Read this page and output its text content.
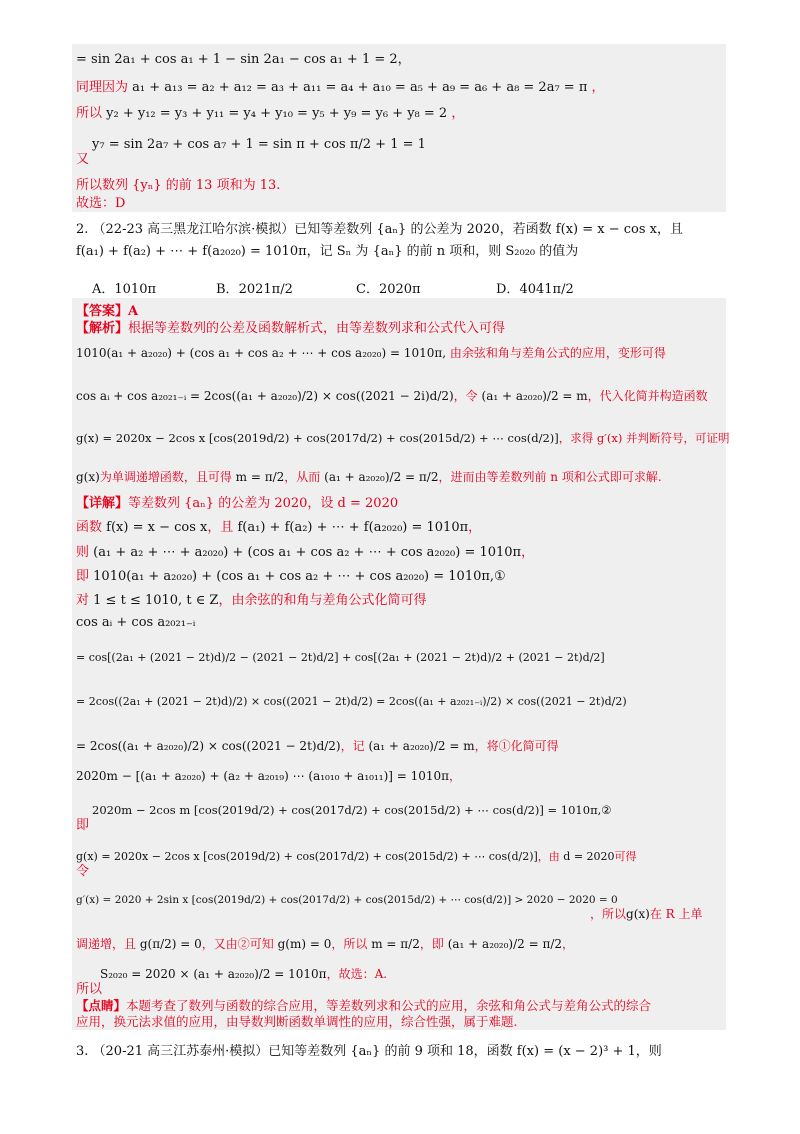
= sin 2a₁ + cos a₁ + 1 − sin 2a₁ − cos a₁ + 1 = 2，
同理因为 a₁ + a₁₃ = a₂ + a₁₂ = a₃ + a₁₁ = a₄ + a₁₀ = a₅ + a₉ = a₆ + a₈ = 2a₇ = π ，
所以 y₂ + y₁₂ = y₃ + y₁₁ = y₄ + y₁₀ = y₅ + y₉ = y₆ + y₈ = 2 ，
y₇ = sin 2a₇ + cos a₇ + 1 = sin π + cos π/2 + 1 = 1
又
所以数列 {yₙ} 的前 13 项和为 13.
故选：D
2. （22-23 高三黑龙江哈尔滨·模拟）已知等差数列 {aₙ} 的公差为 2020，若函数 f(x) = x − cos x，且
f(a₁) + f(a₂) + ⋯ + f(a₂₀₂₀) = 1010π，记 Sₙ 为 {aₙ} 的前 n 项和，则 S₂₀₂₀ 的值为
A．1010π	B．2021π/2	C．2020π	D．4041π/2
【答案】A
【解析】根据等差数列的公差及函数解析式，由等差数列求和公式代入可得
1010(a₁ + a₂₀₂₀) + (cos a₁ + cos a₂ + ⋯ + cos a₂₀₂₀) = 1010π, 由余弦和角与差角公式的应用，变形可得
cos aᵢ + cos a₂₀₂₁₋ᵢ = 2cos((a₁ + a₂₀₂₀)/2) × cos((2021 − 2i)d/2)，令 (a₁ + a₂₀₂₀)/2 = m，代入化简并构造函数
g(x) = 2020x − 2cos x [cos(2019d/2) + cos(2017d/2) + cos(2015d/2) + ⋯ cos(d/2)]，求得 g′(x) 并判断符号，可证明
g(x)为单调递增函数，且可得 m = π/2，从而 (a₁ + a₂₀₂₀)/2 = π/2，进而由等差数列前 n 项和公式即可求解.
【详解】等差数列 {aₙ} 的公差为 2020，设 d = 2020
函数 f(x) = x − cos x，且 f(a₁) + f(a₂) + ⋯ + f(a₂₀₂₀) = 1010π，
则 (a₁ + a₂ + ⋯ + a₂₀₂₀) + (cos a₁ + cos a₂ + ⋯ + cos a₂₀₂₀) = 1010π，
即 1010(a₁ + a₂₀₂₀) + (cos a₁ + cos a₂ + ⋯ + cos a₂₀₂₀) = 1010π,①
对 1 ≤ t ≤ 1010, t ∈ Z，由余弦的和角与差角公式化简可得
cos aᵢ + cos a₂₀₂₁₋ᵢ
= cos[(2a₁ + (2021 − 2t)d)/2 − (2021 − 2t)d/2] + cos[(2a₁ + (2021 − 2t)d)/2 + (2021 − 2t)d/2]
= 2cos((2a₁ + (2021 − 2t)d)/2) × cos((2021 − 2t)d/2) = 2cos((a₁ + a₂₀₂₁₋ᵢ)/2) × cos((2021 − 2t)d/2)
= 2cos((a₁ + a₂₀₂₀)/2) × cos((2021 − 2t)d/2)，记 (a₁ + a₂₀₂₀)/2 = m，将①化简可得
2020m − [(a₁ + a₂₀₂₀) + (a₂ + a₂₀₁₉) ⋯ (a₁₀₁₀ + a₁₀₁₁)] = 1010π，
2020m − 2cos m [cos(2019d/2) + cos(2017d/2) + cos(2015d/2) + ⋯ cos(d/2)] = 1010π,②
即
g(x) = 2020x − 2cos x [cos(2019d/2) + cos(2017d/2) + cos(2015d/2) + ⋯ cos(d/2)]，由 d = 2020可得
令
g′(x) = 2020 + 2sin x [cos(2019d/2) + cos(2017d/2) + cos(2015d/2) + ⋯ cos(d/2)] > 2020 − 2020 = 0
，所以g(x)在 R 上单
调递增，且 g(π/2) = 0，又由②可知 g(m) = 0，所以 m = π/2，即 (a₁ + a₂₀₂₀)/2 = π/2，
S₂₀₂₀ = 2020 × (a₁ + a₂₀₂₀)/2 = 1010π，故选：A.
所以
【点睛】本题考查了数列与函数的综合应用，等差数列求和公式的应用，余弦和角公式与差角公式的综合
应用，换元法求值的应用，由导数判断函数单调性的应用，综合性强，属于难题.
3. （20-21 高三江苏泰州·模拟）已知等差数列 {aₙ} 的前 9 项和 18，函数 f(x) = (x − 2)³ + 1，则
